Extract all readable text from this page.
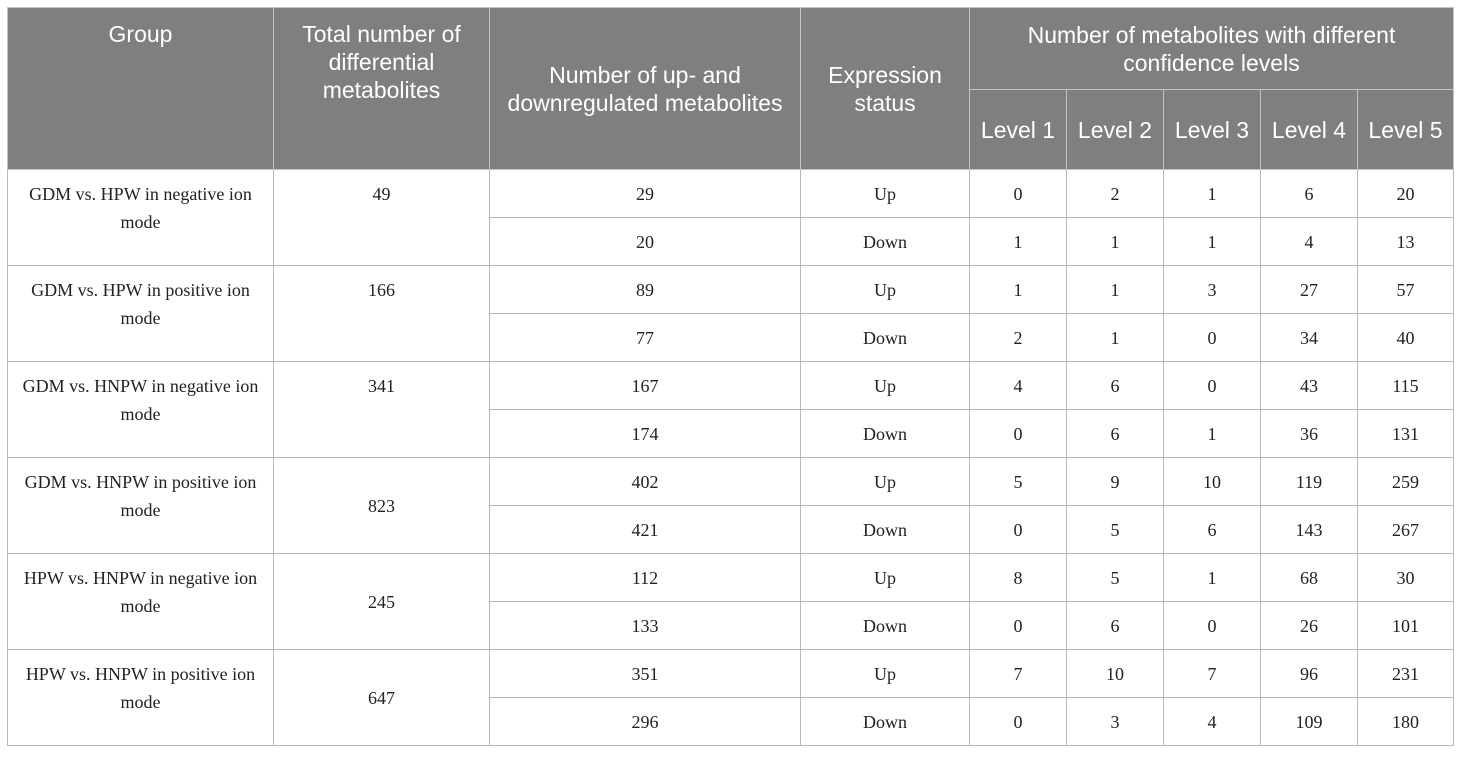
Group	Total number of differential metabolites	Number of up- and downregulated metabolites	Expression status	Number of metabolites with different confidence levels				
				Level 1	Level 2	Level 3	Level 4	Level 5
GDM vs. HPW in negative ion mode	49	29	Up	0	2	1	6	20
		20	Down	1	1	1	4	13
GDM vs. HPW in positive ion mode	166	89	Up	1	1	3	27	57
		77	Down	2	1	0	34	40
GDM vs. HNPW in negative ion mode	341	167	Up	4	6	0	43	115
		174	Down	0	6	1	36	131
GDM vs. HNPW in positive ion mode	823	402	Up	5	9	10	119	259
		421	Down	0	5	6	143	267
HPW vs. HNPW in negative ion mode	245	112	Up	8	5	1	68	30
		133	Down	0	6	0	26	101
HPW vs. HNPW in positive ion mode	647	351	Up	7	10	7	96	231
		296	Down	0	3	4	109	180
